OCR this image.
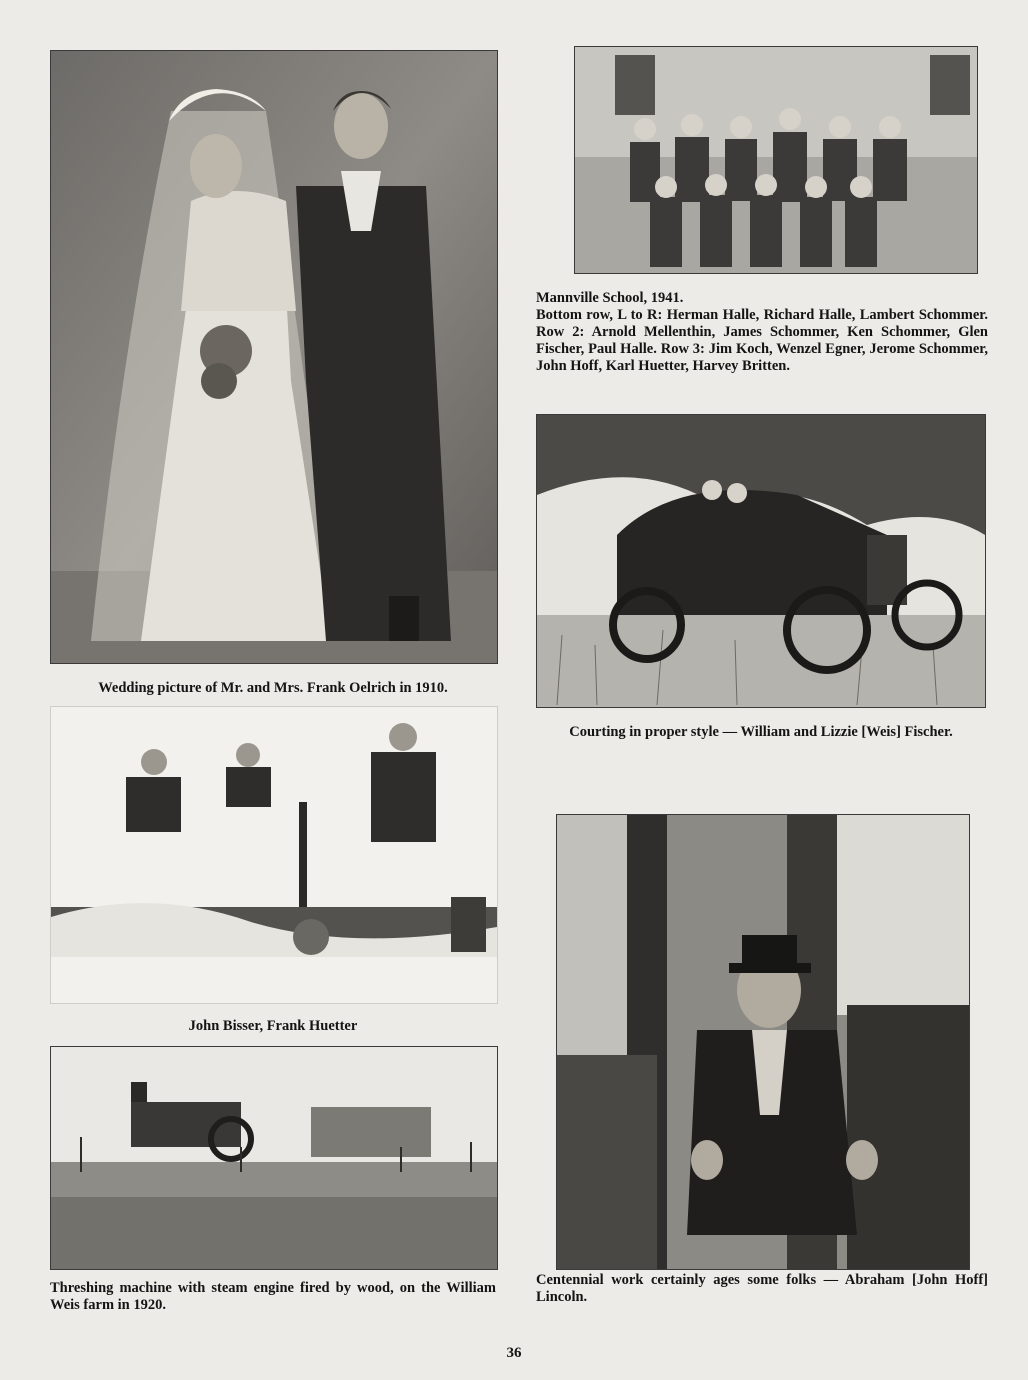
Wedding picture of Mr. and Mrs. Frank Oelrich in 1910.
Mannville School, 1941.
Bottom row, L to R: Herman Halle, Richard Halle, Lambert Schommer. Row 2: Arnold Mellenthin, James Schommer, Ken Schommer, Glen Fischer, Paul Halle. Row 3: Jim Koch, Wenzel Egner, Jerome Schommer, John Hoff, Karl Huetter, Harvey Britten.
Courting in proper style — William and Lizzie [Weis] Fischer.
John Bisser, Frank Huetter
Threshing machine with steam engine fired by wood, on the William Weis farm in 1920.
Centennial work certainly ages some folks — Abraham [John Hoff] Lincoln.
36
